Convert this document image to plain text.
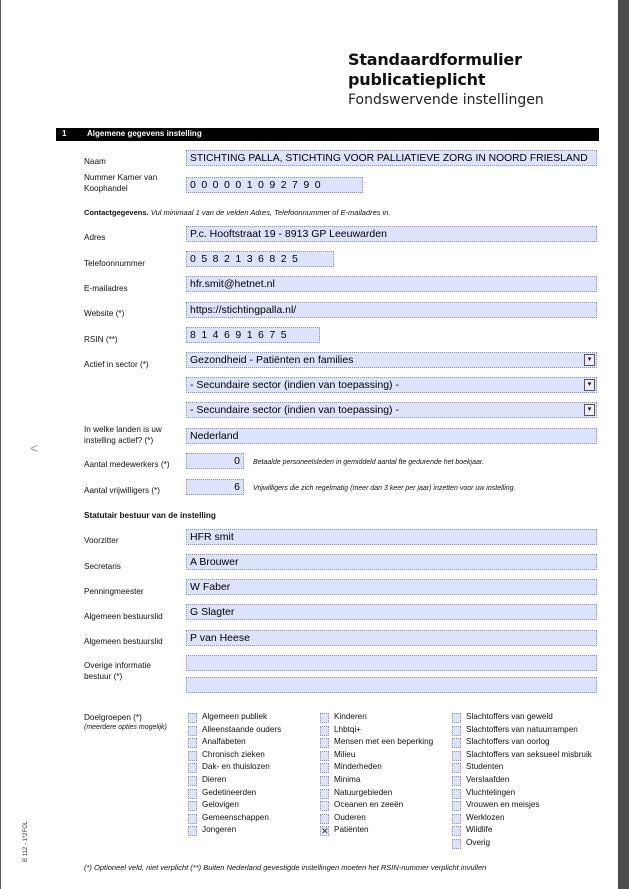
Standaardformulier
publicatieplicht
Fondswervende instellingen
1	Algemene gegevens instelling
Naam	STICHTING PALLA, STICHTING VOOR PALLIATIEVE ZORG IN NOORD FRIESLAND
Nummer Kamer van Koophandel	000001092790
Contactgegevens. Vul minimaal 1 van de velden Adres, Telefoonnummer of E-mailadres in.
Adres	P.c. Hooftstraat 19 - 8913 GP Leeuwarden
Telefoonnummer	0582136825
E-mailadres	hfr.smit@hetnet.nl
Website (*)	https://stichtingpalla.nl/
RSIN (**)	814691675
Actief in sector (*)	Gezondheid - Patiënten en families	▾
- Secundaire sector (indien van toepassing) -	▾
- Secundaire sector (indien van toepassing) -	▾
In welke landen is uw instelling actief? (*)	Nederland
Aantal medewerkers (*)	0	Betaalde personeelsleden in gemiddeld aantal fte gedurende het boekjaar.
Aantal vrijwilligers (*)	6	Vrijwilligers die zich regelmatig (meer dan 3 keer per jaar) inzetten voor uw instelling.
Statutair bestuur van de instelling
Voorzitter	HFR smit
Secretaris	A Brouwer
Penningmeester	W Faber
Algemeen bestuurslid	G Slagter
Algemeen bestuurslid	P van Heese
Overige informatie bestuur (*)
Doelgroepen (*)
(meerdere opties mogelijk)
Algemeen publiek
Alleenstaande ouders
Analfabeten
Chronisch zieken
Dak- en thuislozen
Dieren
Gedetineerden
Gelovigen
Gemeenschappen
Jongeren
Kinderen
Lhbtqi+
Mensen met een beperking
Milieu
Minderheden
Minima
Natuurgebieden
Oceanen en zeeën
Ouderen
✕ Patiënten
Slachtoffers van geweld
Slachtoffers van natuurrampen
Slachtoffers van oorlog
Slachtoffers van seksueel misbruik
Studenten
Verslaafden
Vluchtelingen
Vrouwen en meisjes
Werklozen
Wildlife
Overig
(*) Optioneel veld, niet verplicht (**) Buiten Nederland gevestigde instellingen moeten het RSIN-nummer verplicht invullen
B 112 - 1*2FOL
<
